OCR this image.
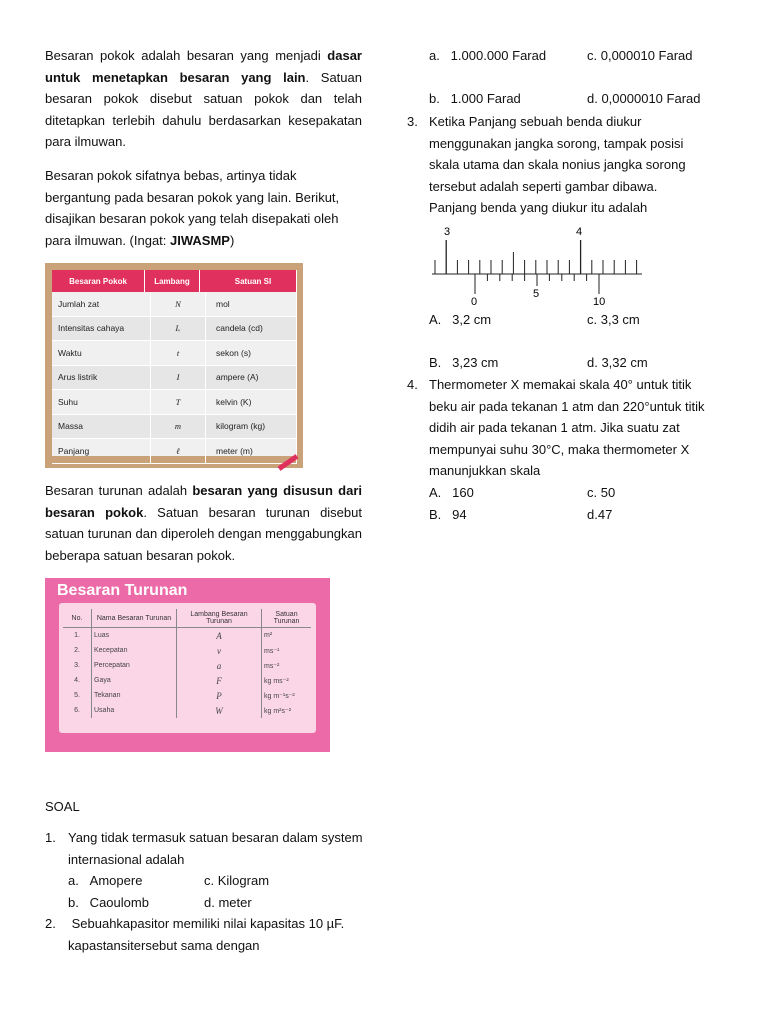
Besaran pokok adalah besaran yang menjadi dasar untuk menetapkan besaran yang lain. Satuan besaran pokok disebut satuan pokok dan telah ditetapkan terlebih dahulu berdasarkan kesepakatan para ilmuwan.

Besaran pokok sifatnya bebas, artinya tidak bergantung pada besaran pokok yang lain. Berikut, disajikan besaran pokok yang telah disepakati oleh para ilmuwan. (Ingat: JIWASMP)

Besaran Pokok	Lambang	Satuan SI
Jumlah zat	N	mol
Intensitas cahaya	Iᵥ	candela (cd)
Waktu	t	sekon (s)
Arus listrik	I	ampere (A)
Suhu	T	kelvin (K)
Massa	m	kilogram (kg)
Panjang	ℓ	meter (m)

Besaran turunan adalah besaran yang disusun dari besaran pokok. Satuan besaran turunan disebut satuan turunan dan diperoleh dengan menggabungkan beberapa satuan besaran pokok.

Besaran Turunan
No.	Nama Besaran Turunan	Lambang Besaran Turunan	Satuan Turunan
1.	Luas	A	m²
2.	Kecepatan	v	ms⁻¹
3.	Percepatan	a	ms⁻²
4.	Gaya	F	kg ms⁻²
5.	Tekanan	P	kg m⁻¹s⁻²
6.	Usaha	W	kg m²s⁻²
SOAL
1. Yang tidak termasuk satuan besaran dalam system internasional adalah
a.   Amopere	c. Kilogram
b.   Caoulomb	d. meter
2. Sebuahkapasitor memiliki nilai kapasitas 10 µF. kapastansitersebut sama dengan
a.   1.000.000 Farad	c. 0,000010 Farad
b.   1.000 Farad	d. 0,0000010 Farad
3. Ketika Panjang sebuah benda diukur menggunakan jangka sorong, tampak posisi skala utama dan skala nonius jangka sorong tersebut adalah seperti gambar dibawa. Panjang benda yang diukur itu adalah
3	4
0
5
10
A.   3,2 cm	c. 3,3 cm
B.   3,23 cm	d. 3,32 cm
4. Thermometer X memakai skala 40° untuk titik beku air pada tekanan 1 atm dan 220°untuk titik didih air pada tekanan 1 atm. Jika suatu zat mempunyai suhu 30°C, maka thermometer X manunjukkan skala
A.   160	c. 50
B.   94	d.47
